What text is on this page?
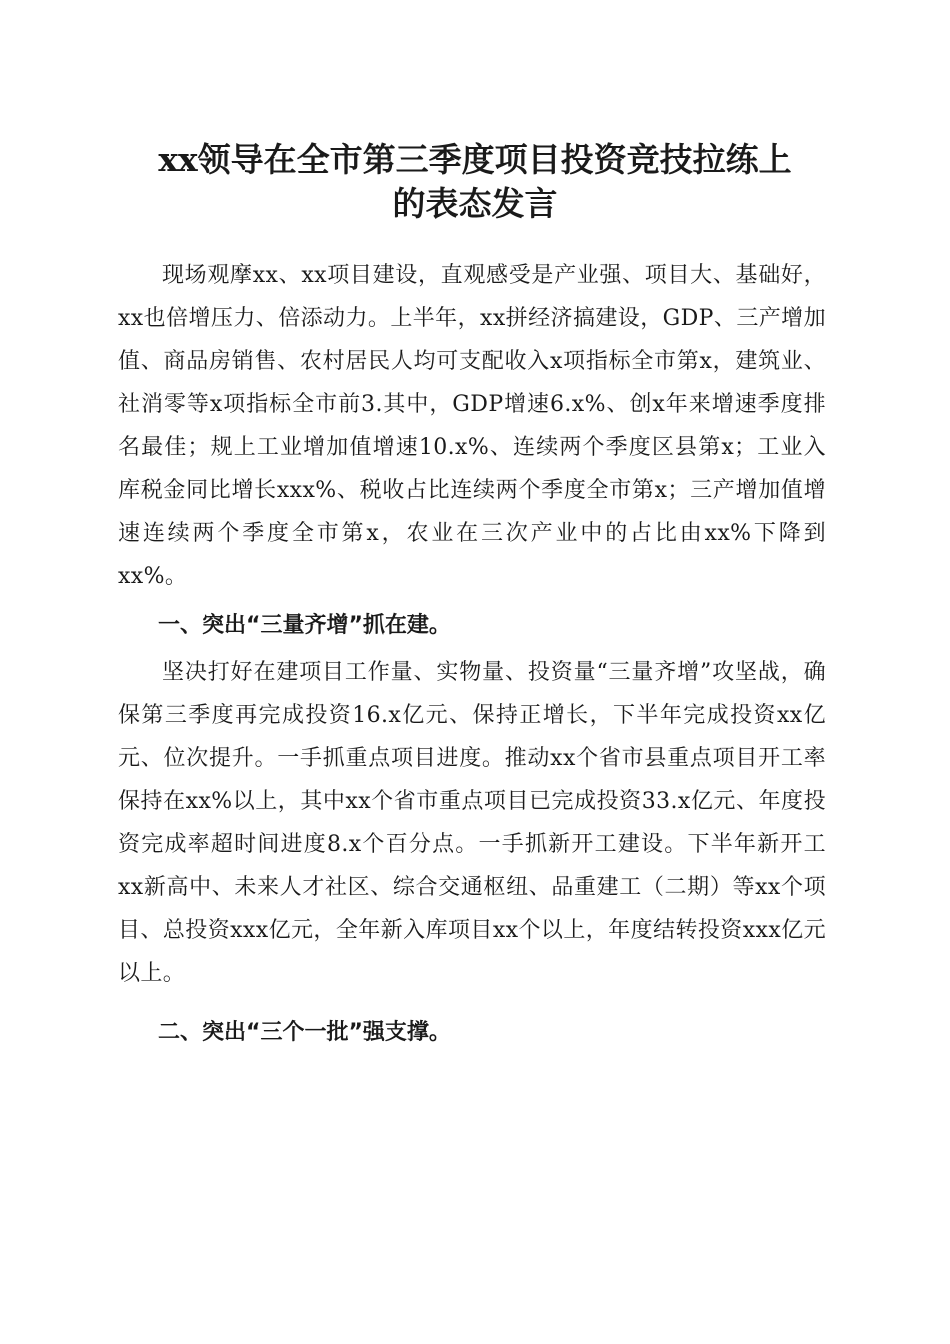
xx领导在全市第三季度项目投资竞技拉练上
的表态发言

现场观摩xx、xx项目建设，直观感受是产业强、项目大、基础好，xx也倍增压力、倍添动力。上半年，xx拼经济搞建设，GDP、三产增加值、商品房销售、农村居民人均可支配收入x项指标全市第x，建筑业、社消零等x项指标全市前3.其中，GDP增速6.x%、创x年来增速季度排名最佳；规上工业增加值增速10.x%、连续两个季度区县第x；工业入库税金同比增长xxx%、税收占比连续两个季度全市第x；三产增加值增速连续两个季度全市第x，农业在三次产业中的占比由xx%下降到xx%。

一、突出“三量齐增”抓在建。

坚决打好在建项目工作量、实物量、投资量“三量齐增”攻坚战，确保第三季度再完成投资16.x亿元、保持正增长，下半年完成投资xx亿元、位次提升。一手抓重点项目进度。推动xx个省市县重点项目开工率保持在xx%以上，其中xx个省市重点项目已完成投资33.x亿元、年度投资完成率超时间进度8.x个百分点。一手抓新开工建设。下半年新开工xx新高中、未来人才社区、综合交通枢纽、品重建工（二期）等xx个项目、总投资xxx亿元，全年新入库项目xx个以上，年度结转投资xxx亿元以上。

二、突出“三个一批”强支撑。
